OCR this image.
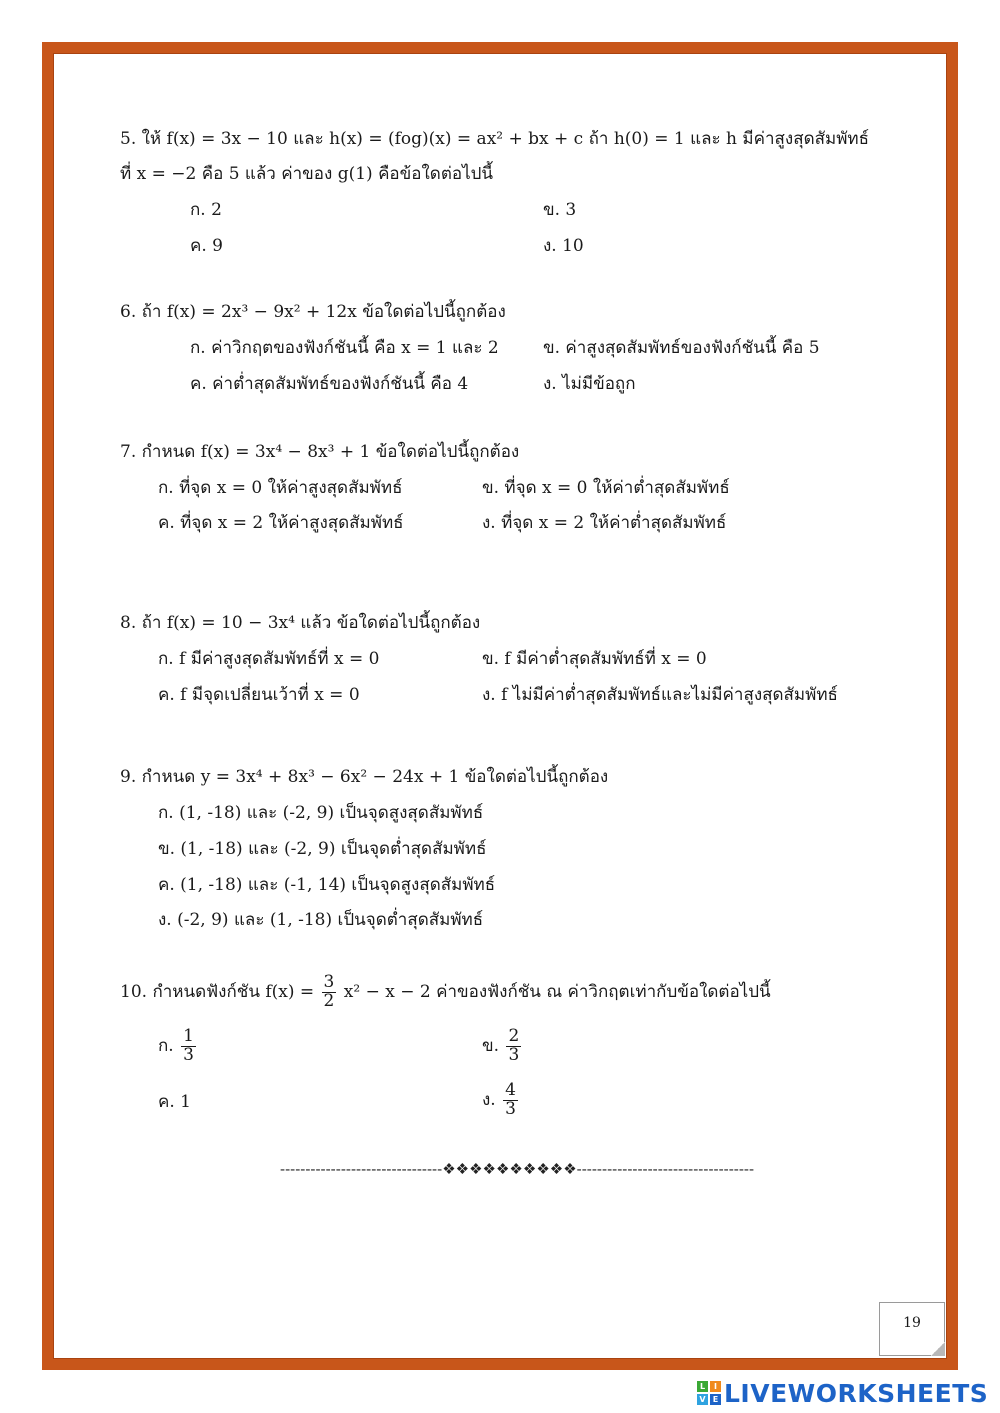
5. ให้ f(x) = 3x − 10 และ h(x) = (fog)(x) = ax² + bx + c ถ้า h(0) = 1 และ h มีค่าสูงสุดสัมพัทธ์
ที่ x = −2 คือ 5 แล้ว ค่าของ g(1) คือข้อใดต่อไปนี้
ก. 2	ข. 3
ค. 9	ง. 10
6. ถ้า f(x) = 2x³ − 9x² + 12x ข้อใดต่อไปนี้ถูกต้อง
ก. ค่าวิกฤตของฟังก์ชันนี้ คือ x = 1 และ 2	ข. ค่าสูงสุดสัมพัทธ์ของฟังก์ชันนี้ คือ 5
ค. ค่าต่ำสุดสัมพัทธ์ของฟังก์ชันนี้ คือ 4	ง. ไม่มีข้อถูก
7. กำหนด f(x) = 3x⁴ − 8x³ + 1 ข้อใดต่อไปนี้ถูกต้อง
ก. ที่จุด x = 0 ให้ค่าสูงสุดสัมพัทธ์	ข. ที่จุด x = 0 ให้ค่าต่ำสุดสัมพัทธ์
ค. ที่จุด x = 2 ให้ค่าสูงสุดสัมพัทธ์	ง. ที่จุด x = 2 ให้ค่าต่ำสุดสัมพัทธ์
8. ถ้า f(x) = 10 − 3x⁴ แล้ว ข้อใดต่อไปนี้ถูกต้อง
ก. f มีค่าสูงสุดสัมพัทธ์ที่ x = 0	ข. f มีค่าต่ำสุดสัมพัทธ์ที่ x = 0
ค. f มีจุดเปลี่ยนเว้าที่ x = 0	ง. f ไม่มีค่าต่ำสุดสัมพัทธ์และไม่มีค่าสูงสุดสัมพัทธ์
9. กำหนด y = 3x⁴ + 8x³ − 6x² − 24x + 1 ข้อใดต่อไปนี้ถูกต้อง
ก. (1, -18) และ (-2, 9) เป็นจุดสูงสุดสัมพัทธ์
ข. (1, -18) และ (-2, 9) เป็นจุดต่ำสุดสัมพัทธ์
ค. (1, -18) และ (-1, 14) เป็นจุดสูงสุดสัมพัทธ์
ง. (-2, 9) และ (1, -18) เป็นจุดต่ำสุดสัมพัทธ์
10. กำหนดฟังก์ชัน $f(x) = \frac{3}{2} x^2 - x - 2$ ค่าของฟังก์ชัน ณ ค่าวิกฤตเท่ากับข้อใดต่อไปนี้
ก. $\frac{1}{3}$	ข. $\frac{2}{3}$
ค. 1	ง. $\frac{4}{3}$
--------------------------------❖❖❖❖❖❖❖❖❖❖-----------------------------------
19
L	I
V E LIVEWORKSHEETS
